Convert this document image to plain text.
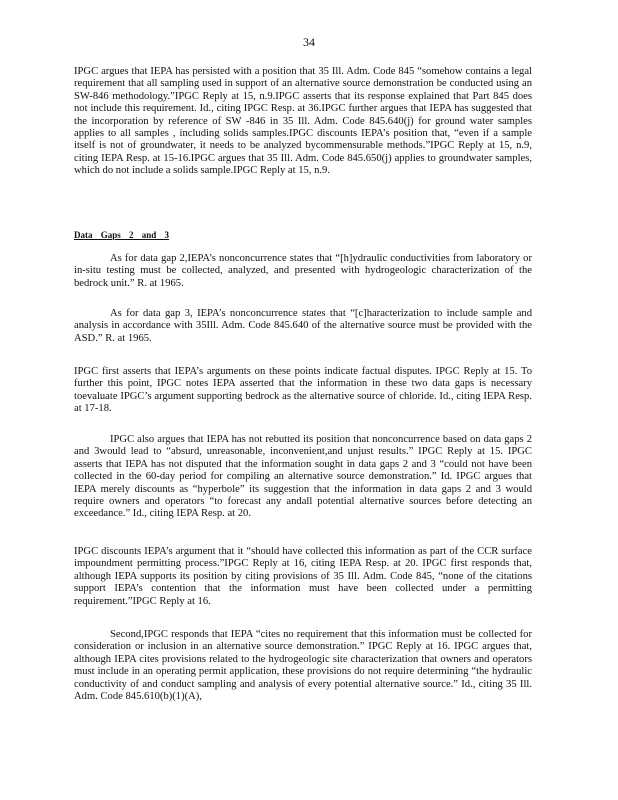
34

IPGC argues that IEPA has persisted with a position that 35 Ill. Adm. Code 845 “somehow contains a legal requirement that all sampling used in support of an alternative source demonstration be conducted using an SW-846 methodology.”IPGC Reply at 15, n.9.IPGC asserts that its response explained that Part 845 does not include this requirement. Id., citing IPGC Resp. at 36.IPGC further argues that IEPA has suggested that the incorporation by reference of SW -846 in 35 Ill. Adm. Code 845.640(j) for ground water samples applies to all samples , including solids samples.IPGC discounts IEPA’s position that, “even if a sample itself is not of groundwater, it needs to be analyzed bycommensurable methods.”IPGC Reply at 15, n.9, citing IEPA Resp. at 15-16.IPGC argues that 35 Ill. Adm. Code 845.650(j) applies to groundwater samples, which do not include a solids sample.IPGC Reply at 15, n.9.

Data Gaps 2 and 3

As for data gap 2,IEPA’s nonconcurrence states that “[h]ydraulic conductivities from laboratory or in-situ testing must be collected, analyzed, and presented with hydrogeologic characterization of the bedrock unit.” R. at 1965.

As for data gap 3, IEPA’s nonconcurrence states that “[c]haracterization to include sample and analysis in accordance with 35Ill. Adm. Code 845.640 of the alternative source must be provided with the ASD.” R. at 1965.

IPGC first asserts that IEPA’s arguments on these points indicate factual disputes. IPGC Reply at 15. To further this point, IPGC notes IEPA asserted that the information in these two data gaps is necessary toevaluate IPGC’s argument supporting bedrock as the alternative source of chloride. Id., citing IEPA Resp. at 17-18.

IPGC also argues that IEPA has not rebutted its position that nonconcurrence based on data gaps 2 and 3would lead to “absurd, unreasonable, inconvenient,and unjust results.” IPGC Reply at 15. IPGC asserts that IEPA has not disputed that the information sought in data gaps 2 and 3 “could not have been collected in the 60-day period for compiling an alternative source demonstration.” Id. IPGC argues that IEPA merely discounts as “hyperbole” its suggestion that the information in data gaps 2 and 3 would require owners and operators “to forecast any andall potential alternative sources before detecting an exceedance.” Id., citing IEPA Resp. at 20.

IPGC discounts IEPA’s argument that it “should have collected this information as part of the CCR surface impoundment permitting process.”IPGC Reply at 16, citing IEPA Resp. at 20. IPGC first responds that, although IEPA supports its position by citing provisions of 35 Ill. Adm. Code 845, “none of the citations support IEPA’s contention that the information must have been collected under a permitting requirement.”IPGC Reply at 16.

Second,IPGC responds that IEPA “cites no requirement that this information must be collected for consideration or inclusion in an alternative source demonstration.” IPGC Reply at 16. IPGC argues that, although IEPA cites provisions related to the hydrogeologic site characterization that owners and operators must include in an operating permit application, these provisions do not require determining “the hydraulic conductivity of and conduct sampling and analysis of every potential alternative source.” Id., citing 35 Ill. Adm. Code 845.610(b)(1)(A),
